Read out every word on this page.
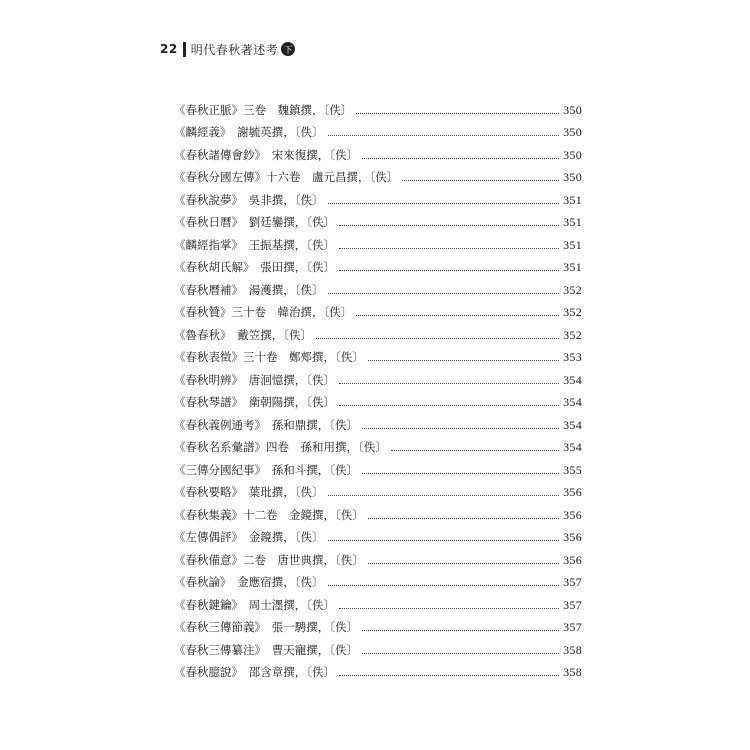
22 明代春秋著述考 下
《春秋正脈》三卷　魏鎮撰，〔佚〕	350
《麟經義》　謝毓英撰，〔佚〕	350
《春秋諸傳會鈔》　宋來復撰，〔佚〕	350
《春秋分國左傳》十六卷　盧元昌撰，〔佚〕	350
《春秋說夢》　吳非撰，〔佚〕	351
《春秋日曆》　劉廷鑾撰，〔佚〕	351
《麟經指掌》　王振基撰，〔佚〕	351
《春秋胡氏解》　張田撰，〔佚〕	351
《春秋曆補》　湯濩撰，〔佚〕	352
《春秋贊》三十卷　韓治撰，〔佚〕	352
《魯春秋》　戴笠撰，〔佚〕	352
《春秋表徵》三十卷　鄭郟撰，〔佚〕	353
《春秋明辨》　唐洄憶撰，〔佚〕	354
《春秋琴譜》　衛朝陽撰，〔佚〕	354
《春秋義例通考》　孫和鼎撰，〔佚〕	354
《春秋名系彙譜》四卷　孫和用撰，〔佚〕	354
《三傳分國紀事》　孫和斗撰，〔佚〕	355
《春秋要略》　葉玭撰，〔佚〕	356
《春秋集義》十二卷　金鏡撰，〔佚〕	356
《左傳偶評》　金鏡撰，〔佚〕	356
《春秋備意》二卷　唐世典撰，〔佚〕	356
《春秋論》　金應宿撰，〔佚〕	357
《春秋鍵鑰》　周士濹撰，〔佚〕	357
《春秋三傳節義》　張一騁撰，〔佚〕	357
《春秋三傳纂注》　曹天寵撰，〔佚〕	358
《春秋臆說》　邵含章撰，〔佚〕	358
